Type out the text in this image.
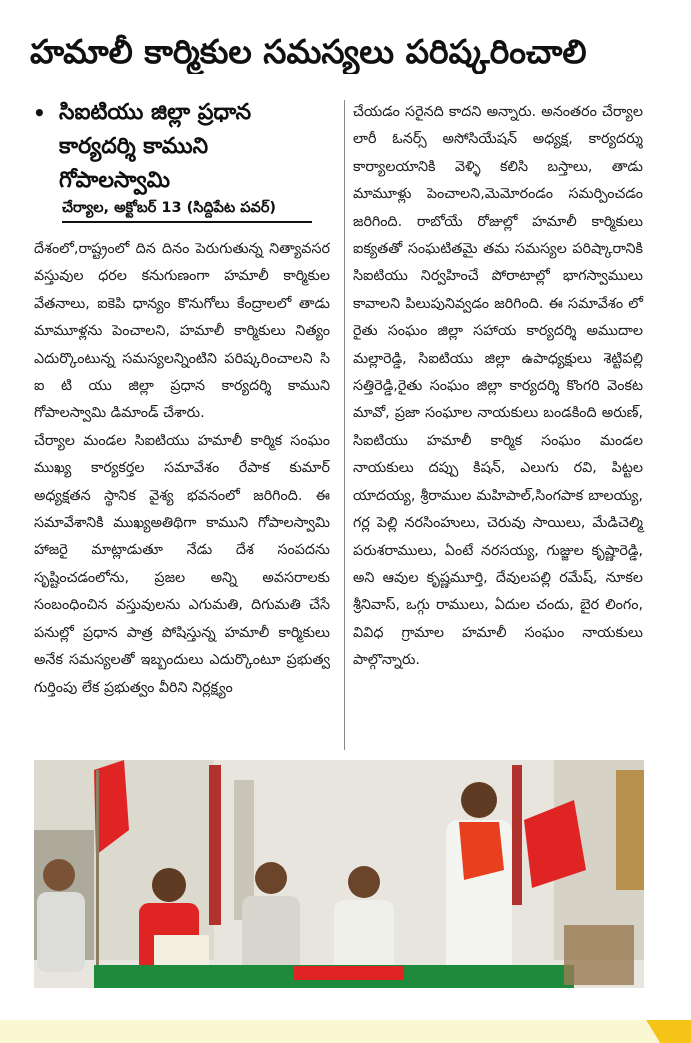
హమాలీ కార్మికుల సమస్యలు పరిష్కరించాలి
• సిఐటియు జిల్లా ప్రధాన కార్యదర్శి కాముని గోపాలస్వామి
చేర్యాల, అక్టోబర్ 13 (సిద్దిపేట పవర్)

దేశంలో,రాష్ట్రంలో దిన దినం పెరుగుతున్న నిత్యావసర వస్తువుల ధరల కనుగుణంగా హమాలీ కార్మికుల వేతనాలు, ఐకెపి ధాన్యం కొనుగోలు కేంద్రాలలో తాడు మామూళ్లను పెంచాలని, హమాలీ కార్మికులు నిత్యం ఎదుర్కొంటున్న సమస్యలన్నింటిని పరిష్కరించాలని సి ఐ టి యు జిల్లా ప్రధాన కార్యదర్శి కాముని గోపాలస్వామి డిమాండ్ చేశారు.

చేర్యాల మండల సిఐటియు హమాలీ కార్మిక సంఘం ముఖ్య కార్యకర్తల సమావేశం రేపాక కుమార్ అధ్యక్షతన స్థానిక వైశ్య భవనంలో జరిగింది. ఈ సమావేశానికి ముఖ్యఅతిథిగా కాముని గోపాలస్వామి హాజరై మాట్లాడుతూ నేడు దేశ సంపదను సృష్టించడంలోను, ప్రజల అన్ని అవసరాలకు సంబంధించిన వస్తువులను ఎగుమతి, దిగుమతి చేసే పనుల్లో ప్రధాన పాత్ర పోషిస్తున్న హమాలీ కార్మికులు అనేక సమస్యలతో ఇబ్బందులు ఎదుర్కొంటూ ప్రభుత్వ గుర్తింపు లేక ప్రభుత్వం వీరిని నిర్లక్ష్యం

చేయడం సరైనది కాదని అన్నారు. అనంతరం చేర్యాల లారీ ఓనర్స్ అసోసియేషన్ అధ్యక్ష, కార్యదర్శు కార్యాలయానికి వెళ్ళి కలిసి బస్తాలు, తాడు మామూళ్లు పెంచాలని,మెమోరండం సమర్పించడం జరిగింది. రాబోయే రోజుల్లో హమాలీ కార్మికులు ఐక్యతతో సంఘటితమై తమ సమస్యల పరిష్కారానికి సిఐటియు నిర్వహించే పోరాటాల్లో భాగస్వాములు కావాలని పిలుపునివ్వడం జరిగింది. ఈ సమావేశం లో రైతు సంఘం జిల్లా సహాయ కార్యదర్శి అముదాల మల్లారెడ్డి, సిఐటియు జిల్లా ఉపాధ్యక్షులు శెట్టిపల్లి సత్తిరెడ్డి,రైతు సంఘం జిల్లా కార్యదర్శి కొంగరి వెంకట మావో, ప్రజా సంఘాల నాయకులు బండకింది అరుణ్, సిఐటియు హమాలీ కార్మిక సంఘం మండల నాయకులు దప్పు కిషన్, ఎలుగు రవి, పిట్టల యాదయ్య, శ్రీరాముల మహిపాల్,సింగపాక బాలయ్య, గర్ల పెల్లి నరసింహులు, చెరువు సాయిలు, మేడిచెల్మి పరుశరాములు, ఏంటే నరసయ్య, గుజ్జుల కృష్ణారెడ్డి, అని ఆవుల కృష్ణమూర్తి, దేవులపల్లి రమేష్, నూకల శ్రీనివాస్, ఒగ్గు రాములు, ఏదుల చందు, బైర లింగం, వివిధ గ్రామాల హమాలీ సంఘం నాయకులు పాల్గొన్నారు.
